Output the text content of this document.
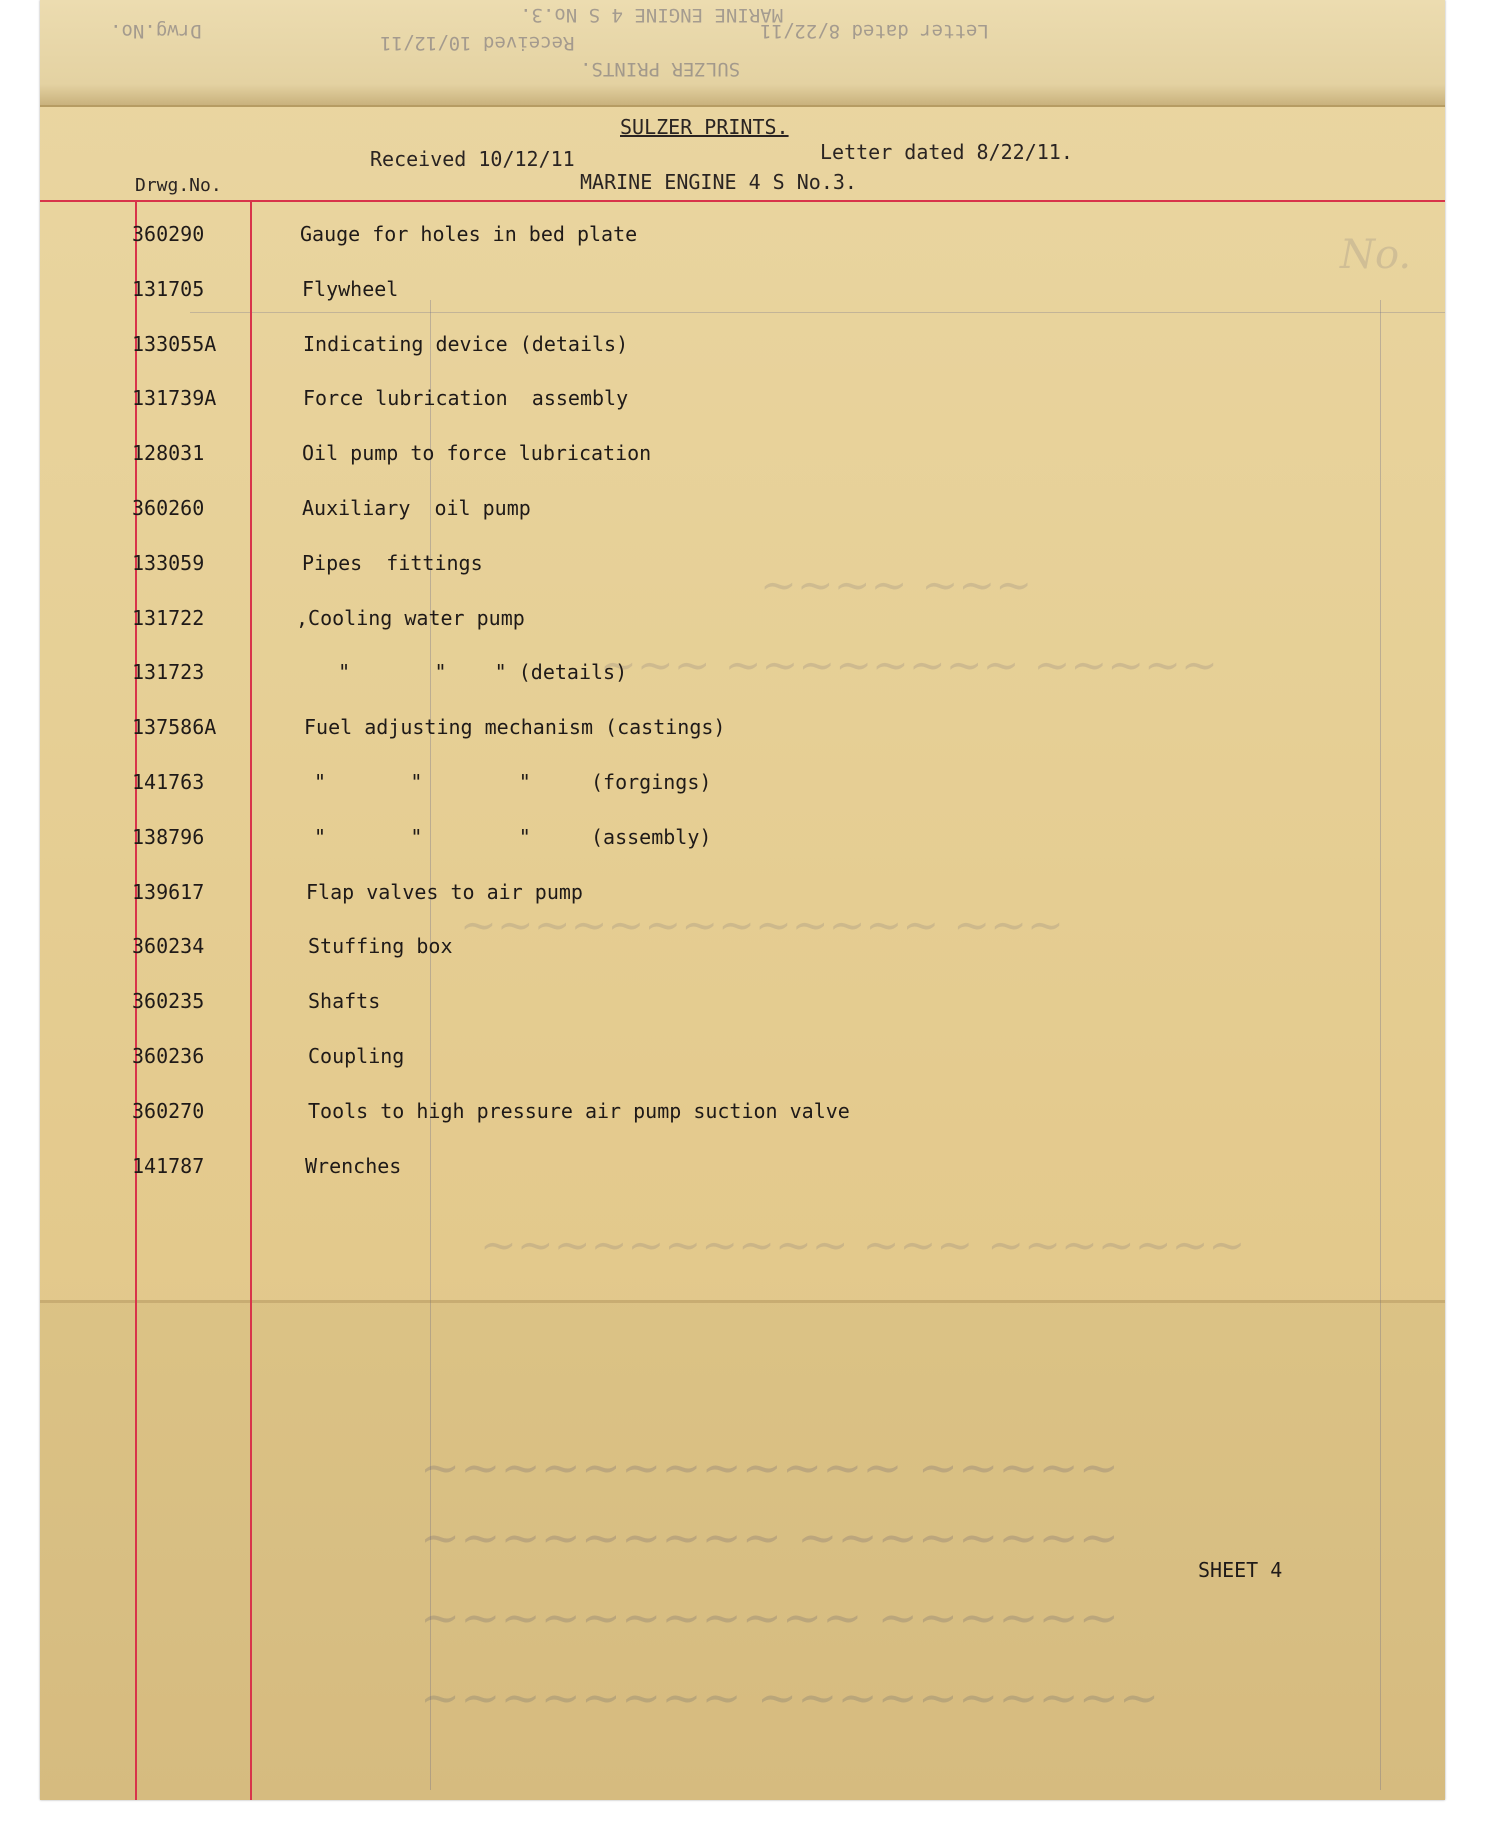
MARINE ENGINE 4 S No.3.
Received 10/12/11
Letter dated 8/22/11
SULZER PRINTS.
Drwg.No.
No.
~~~~ ~~~
~~~ ~~~~~~~~ ~~~~~
~~~~~~~~~~~~~ ~~~
~~~~~~~~~~ ~~~ ~~~~~~~
~~~~~~~~~~~~ ~~~~~
~~~~~~~~~ ~~~~~~~~
~~~~~~~~~~~ ~~~~~~
~~~~~~~~ ~~~~~~~~~~
SULZER PRINTS.
Received 10/12/11	Letter dated 8/22/11.
MARINE ENGINE 4 S No.3.
Drwg.No.
360290	Gauge for holes in bed plate
131705	Flywheel
133055A	Indicating device (details)
131739A	Force lubrication  assembly
128031	Oil pump to force lubrication
360260	Auxiliary  oil pump
133059	Pipes  fittings
131722	,Cooling water pump
131723	"       "    " (details)
137586A	Fuel adjusting mechanism (castings)
141763	"       "        "     (forgings)
138796	"       "        "     (assembly)
139617	Flap valves to air pump
360234	Stuffing box
360235	Shafts
360236	Coupling
360270	Tools to high pressure air pump suction valve
141787	Wrenches
SHEET 4
